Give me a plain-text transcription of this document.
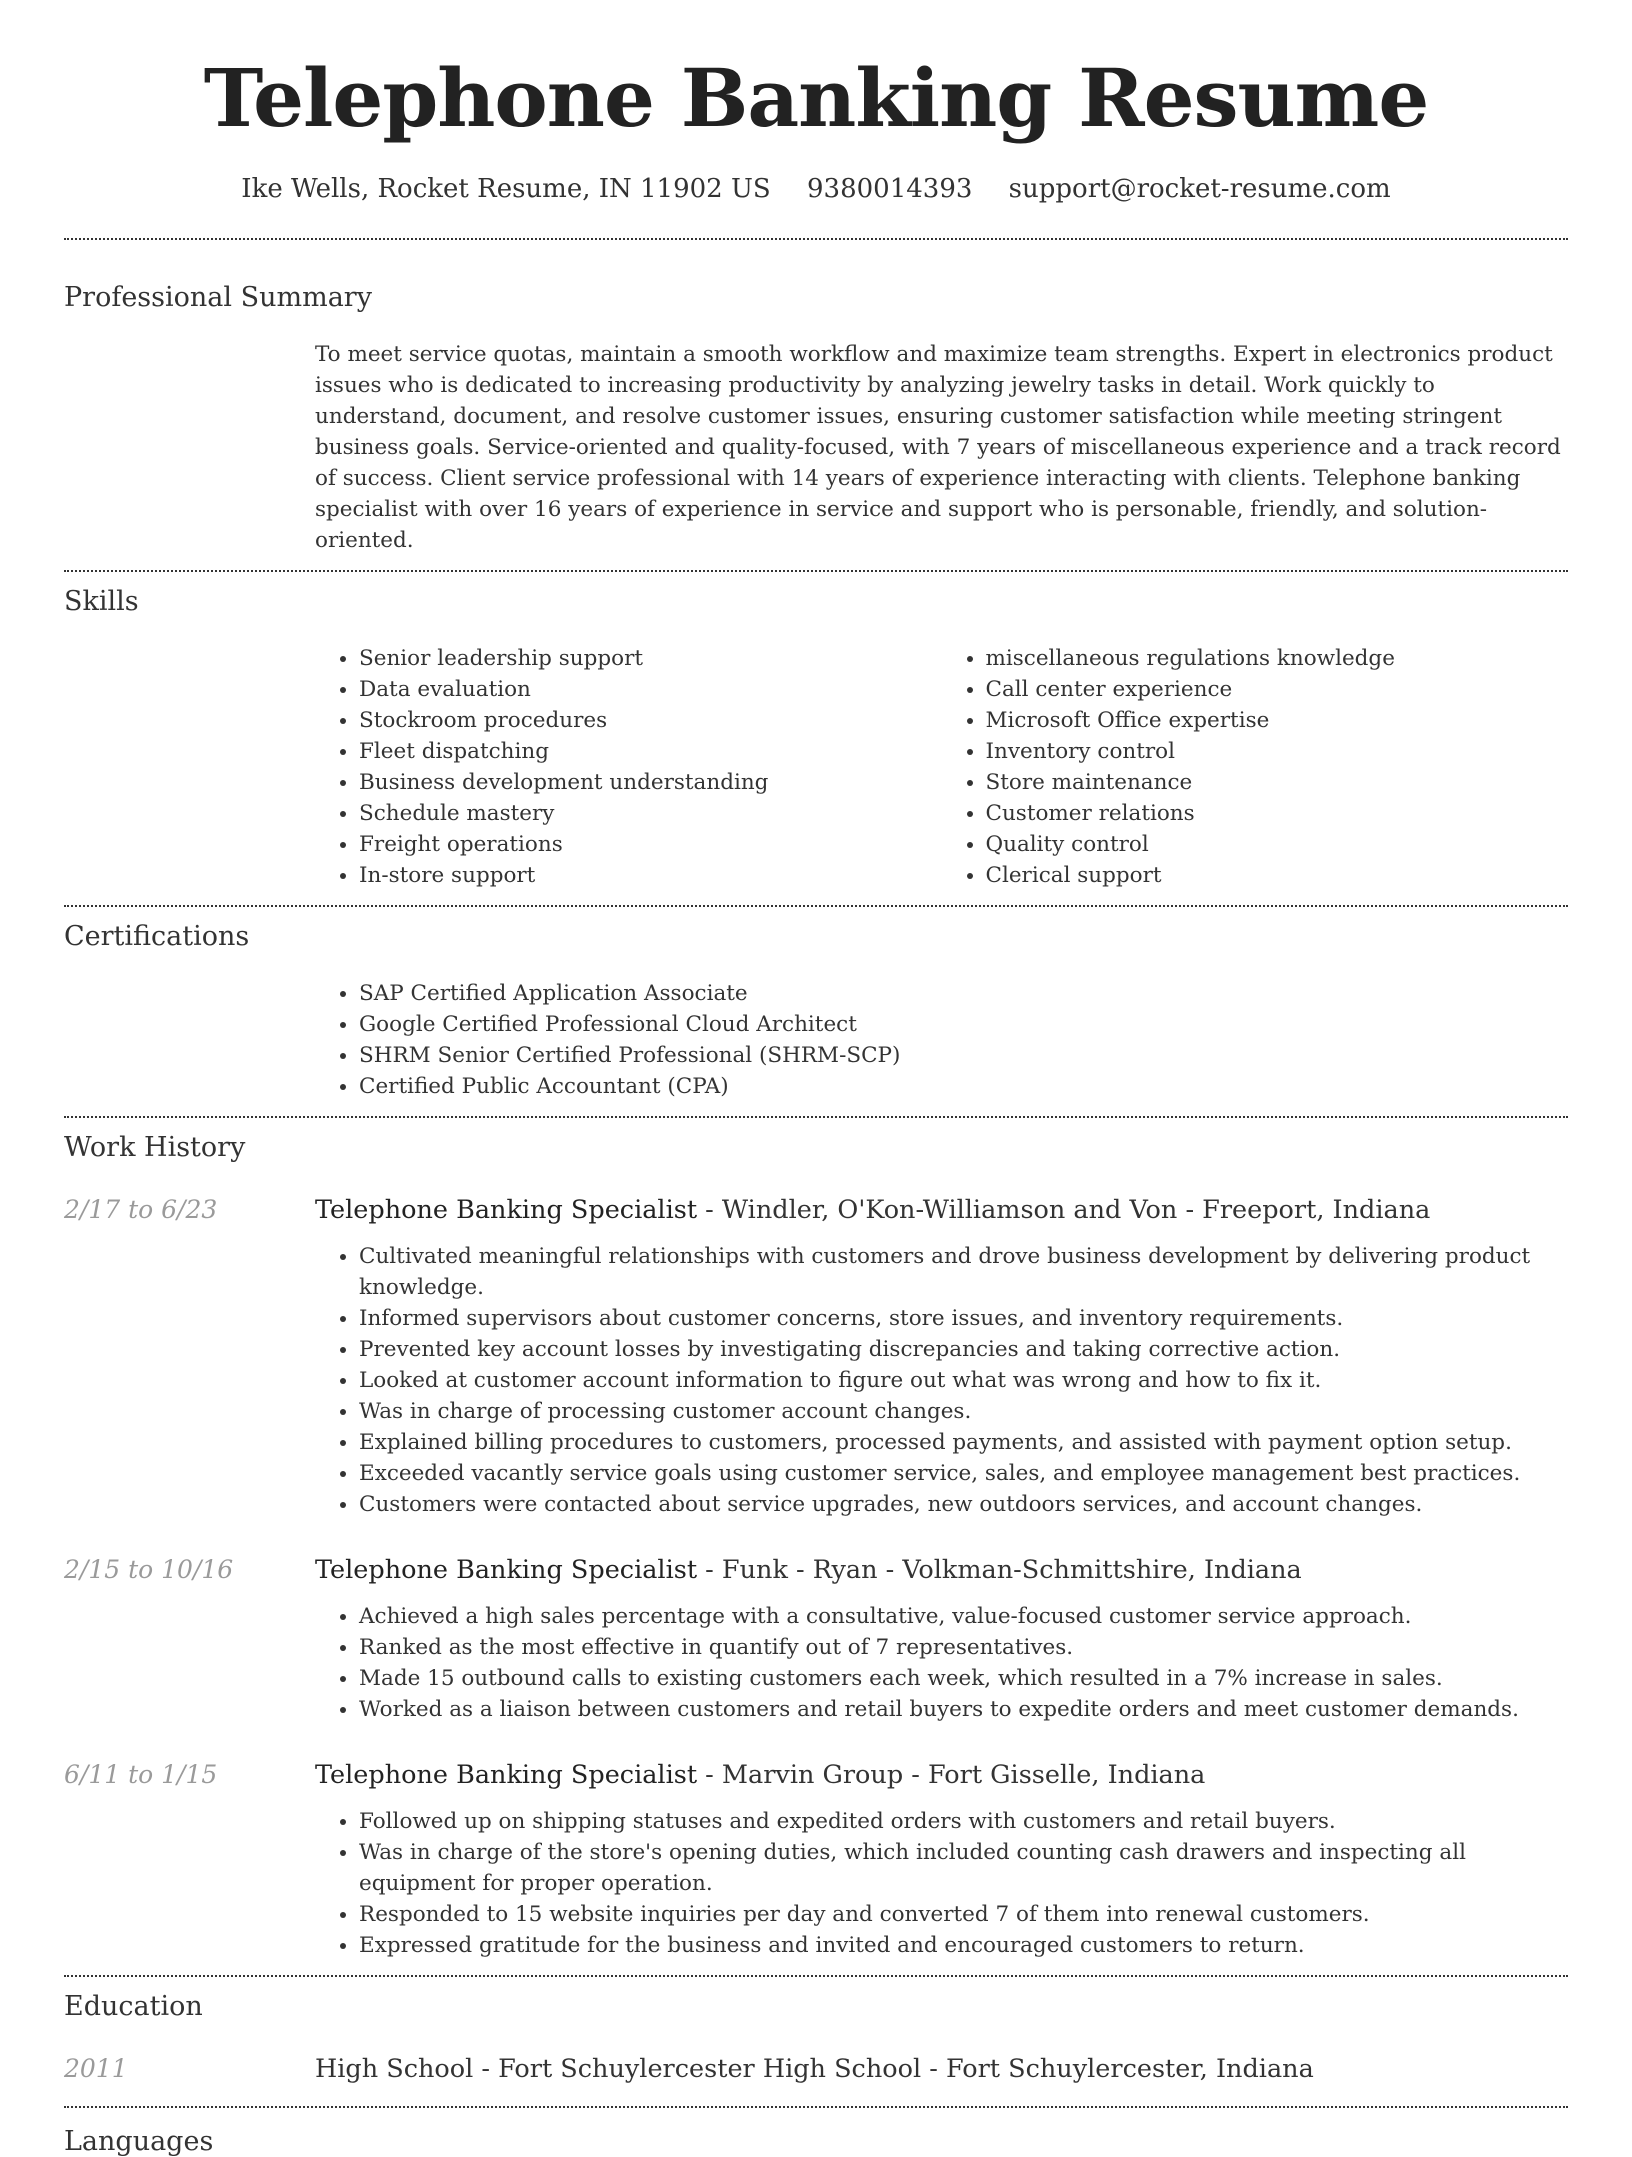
Telephone Banking Resume
Ike Wells, Rocket Resume, IN 11902 US 9380014393 support@rocket-resume.com
Professional Summary

To meet service quotas, maintain a smooth workflow and maximize team strengths. Expert in electronics product issues who is dedicated to increasing productivity by analyzing jewelry tasks in detail. Work quickly to understand, document, and resolve customer issues, ensuring customer satisfaction while meeting stringent business goals. Service-oriented and quality-focused, with 7 years of miscellaneous experience and a track record of success. Client service professional with 14 years of experience interacting with clients. Telephone banking specialist with over 16 years of experience in service and support who is personable, friendly, and solution-oriented.

Skills
• Senior leadership support
• Data evaluation
• Stockroom procedures
• Fleet dispatching
• Business development understanding
• Schedule mastery
• Freight operations
• In-store support
• miscellaneous regulations knowledge
• Call center experience
• Microsoft Office expertise
• Inventory control
• Store maintenance
• Customer relations
• Quality control
• Clerical support
Certifications
• SAP Certified Application Associate
• Google Certified Professional Cloud Architect
• SHRM Senior Certified Professional (SHRM-SCP)
• Certified Public Accountant (CPA)
Work History
2/17 to 6/23	Telephone Banking Specialist - Windler, O'Kon-Williamson and Von - Freeport, Indiana
• Cultivated meaningful relationships with customers and drove business development by delivering product knowledge.
• Informed supervisors about customer concerns, store issues, and inventory requirements.
• Prevented key account losses by investigating discrepancies and taking corrective action.
• Looked at customer account information to figure out what was wrong and how to fix it.
• Was in charge of processing customer account changes.
• Explained billing procedures to customers, processed payments, and assisted with payment option setup.
• Exceeded vacantly service goals using customer service, sales, and employee management best practices.
• Customers were contacted about service upgrades, new outdoors services, and account changes.
2/15 to 10/16	Telephone Banking Specialist - Funk - Ryan - Volkman-Schmittshire, Indiana
• Achieved a high sales percentage with a consultative, value-focused customer service approach.
• Ranked as the most effective in quantify out of 7 representatives.
• Made 15 outbound calls to existing customers each week, which resulted in a 7% increase in sales.
• Worked as a liaison between customers and retail buyers to expedite orders and meet customer demands.
6/11 to 1/15	Telephone Banking Specialist - Marvin Group - Fort Gisselle, Indiana
• Followed up on shipping statuses and expedited orders with customers and retail buyers.
• Was in charge of the store's opening duties, which included counting cash drawers and inspecting all equipment for proper operation.
• Responded to 15 website inquiries per day and converted 7 of them into renewal customers.
• Expressed gratitude for the business and invited and encouraged customers to return.
Education
2011	High School - Fort Schuylercester High School - Fort Schuylercester, Indiana
Languages
